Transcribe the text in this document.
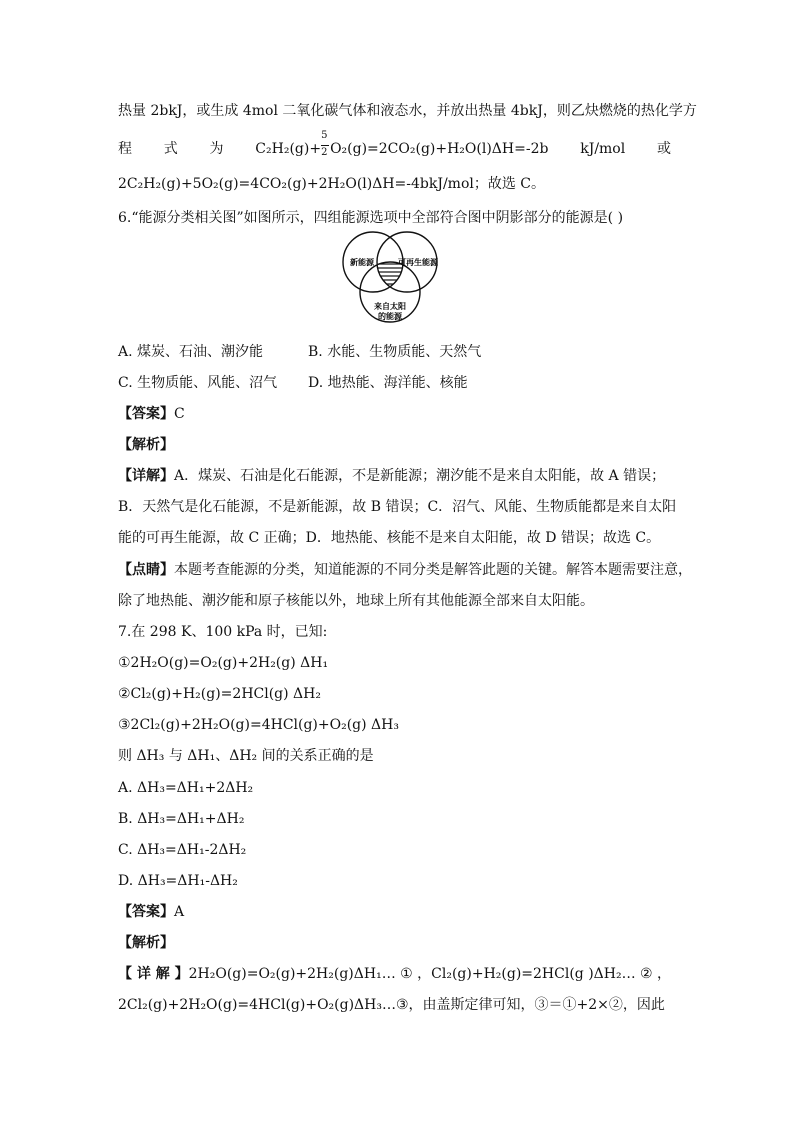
热量 2bkJ，或生成 4mol 二氧化碳气体和液态水，并放出热量 4bkJ，则乙炔燃烧的热化学方
程 式 为 $C_2H_2(g)+ \frac{5}{2} O_2(g)=2CO_2(g)+H_2O(l)\Delta H=-2b$ kJ/mol 或
2C₂H₂(g)+5O₂(g)=4CO₂(g)+2H₂O(l)ΔH=-4bkJ/mol；故选 C。
6.“能源分类相关图”如图所示，四组能源选项中全部符合图中阴影部分的能源是( )
新能源	可再生能源
来自太阳
的能源
A. 煤炭、石油、潮汐能	B. 水能、生物质能、天然气
C. 生物质能、风能、沼气 D. 地热能、海洋能、核能
【答案】C
【解析】
【详解】A．煤炭、石油是化石能源，不是新能源；潮汐能不是来自太阳能，故 A 错误；
B．天然气是化石能源，不是新能源，故 B 错误；C．沼气、风能、生物质能都是来自太阳
能的可再生能源，故 C 正确；D．地热能、核能不是来自太阳能，故 D 错误；故选 C。
【点睛】本题考查能源的分类，知道能源的不同分类是解答此题的关键。解答本题需要注意，
除了地热能、潮汐能和原子核能以外，地球上所有其他能源全部来自太阳能。
7.在 298 K、100 kPa 时，已知:
①2H₂O(g)=O₂(g)+2H₂(g) ΔH₁
②Cl₂(g)+H₂(g)=2HCl(g) ΔH₂
③2Cl₂(g)+2H₂O(g)=4HCl(g)+O₂(g) ΔH₃
则 ΔH₃ 与 ΔH₁、ΔH₂ 间的关系正确的是
A. ΔH₃=ΔH₁+2ΔH₂
B. ΔH₃=ΔH₁+ΔH₂
C. ΔH₃=ΔH₁-2ΔH₂
D. ΔH₃=ΔH₁-ΔH₂
【答案】A
【解析】
【 详 解 】 2H₂O(g)=O₂(g)+2H₂(g)ΔH₁ … ① ， Cl₂(g)+H₂(g)=2HCl(g )ΔH₂… ② ，
2Cl₂(g)+2H₂O(g)=4HCl(g)+O₂(g)ΔH₃…③，由盖斯定律可知，③＝①+2×②，因此
